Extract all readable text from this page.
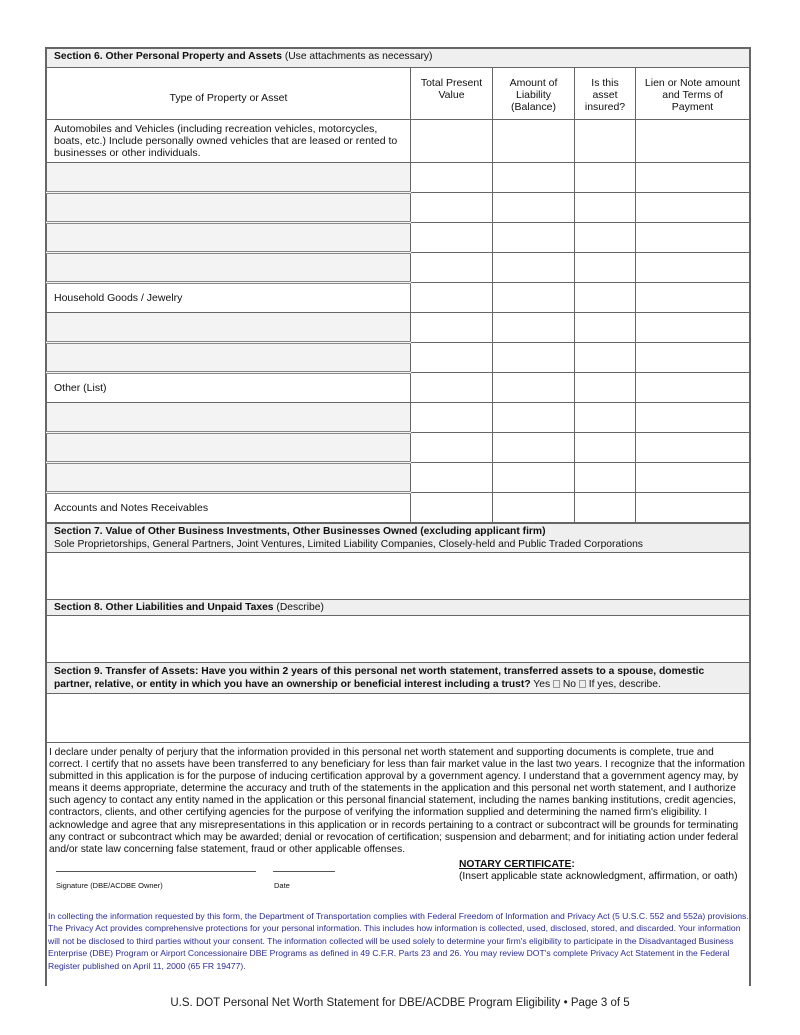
Section 6. Other Personal Property and Assets (Use attachments as necessary)				
Type of Property or Asset	Total Present Value	Amount of Liability (Balance)	Is this asset insured?	Lien or Note amount and Terms of Payment
Automobiles and Vehicles (including recreation vehicles, motorcycles, boats, etc.) Include personally owned vehicles that are leased or rented to businesses or other individuals.				

Household Goods / Jewelry				

Other (List)				

Accounts and Notes Receivables				
Section 7. Value of Other Business Investments, Other Businesses Owned (excluding applicant firm)
Sole Proprietorships, General Partners, Joint Ventures, Limited Liability Companies, Closely-held and Public Traded Corporations

Section 8. Other Liabilities and Unpaid Taxes (Describe)

Section 9. Transfer of Assets: Have you within 2 years of this personal net worth statement, transferred assets to a spouse, domestic partner, relative, or entity in which you have an ownership or beneficial interest including a trust? Yes  No  If yes, describe.

I declare under penalty of perjury that the information provided in this personal net worth statement and supporting documents is complete, true and correct. I certify that no assets have been transferred to any beneficiary for less than fair market value in the last two years. I recognize that the information submitted in this application is for the purpose of inducing certification approval by a government agency. I understand that a government agency may, by means it deems appropriate, determine the accuracy and truth of the statements in the application and this personal net worth statement, and I authorize such agency to contact any entity named in the application or this personal financial statement, including the names banking institutions, credit agencies, contractors, clients, and other certifying agencies for the purpose of verifying the information supplied and determining the named firm's eligibility. I acknowledge and agree that any misrepresentations in this application or in records pertaining to a contract or subcontract will be grounds for terminating any contract or subcontract which may be awarded; denial or revocation of certification; suspension and debarment; and for initiating action under federal and/or state law concerning false statement, fraud or other applicable offenses.

NOTARY CERTIFICATE:
(Insert applicable state acknowledgment, affirmation, or oath)
Signature (DBE/ACDBE Owner)	Date

In collecting the information requested by this form, the Department of Transportation complies with Federal Freedom of Information and Privacy Act (5 U.S.C. 552 and 552a) provisions. The Privacy Act provides comprehensive protections for your personal information. This includes how information is collected, used, disclosed, stored, and discarded. Your information will not be disclosed to third parties without your consent. The information collected will be used solely to determine your firm's eligibility to participate in the Disadvantaged Business Enterprise (DBE) Program or Airport Concessionaire DBE Programs as defined in 49 C.F.R. Parts 23 and 26. You may review DOT's complete Privacy Act Statement in the Federal Register published on April 11, 2000 (65 FR 19477).

U.S. DOT Personal Net Worth Statement for DBE/ACDBE Program Eligibility • Page 3 of 5
